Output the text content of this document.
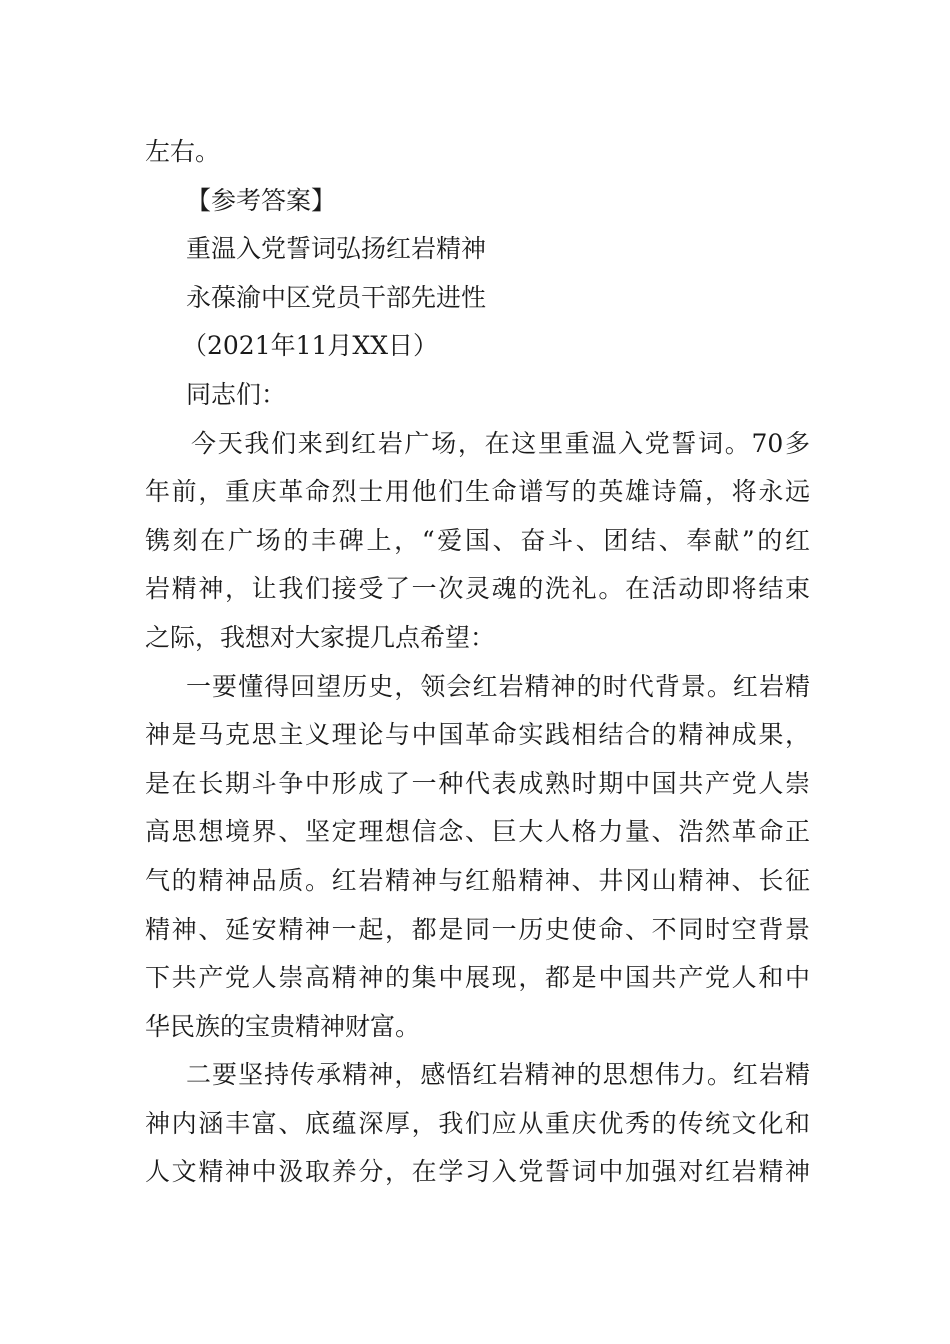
左右。
【参考答案】
重温入党誓词弘扬红岩精神
永葆渝中区党员干部先进性
（2021年11月XX日）
同志们：
今天我们来到红岩广场，在这里重温入党誓词。70多
年前，重庆革命烈士用他们生命谱写的英雄诗篇，将永远
镌刻在广场的丰碑上，“爱国、奋斗、团结、奉献”的红
岩精神，让我们接受了一次灵魂的洗礼。在活动即将结束
之际，我想对大家提几点希望：
一要懂得回望历史，领会红岩精神的时代背景。红岩精
神是马克思主义理论与中国革命实践相结合的精神成果，
是在长期斗争中形成了一种代表成熟时期中国共产党人崇
高思想境界、坚定理想信念、巨大人格力量、浩然革命正
气的精神品质。红岩精神与红船精神、井冈山精神、长征
精神、延安精神一起，都是同一历史使命、不同时空背景
下共产党人崇高精神的集中展现，都是中国共产党人和中
华民族的宝贵精神财富。
二要坚持传承精神，感悟红岩精神的思想伟力。红岩精
神内涵丰富、底蕴深厚，我们应从重庆优秀的传统文化和
人文精神中汲取养分，在学习入党誓词中加强对红岩精神
